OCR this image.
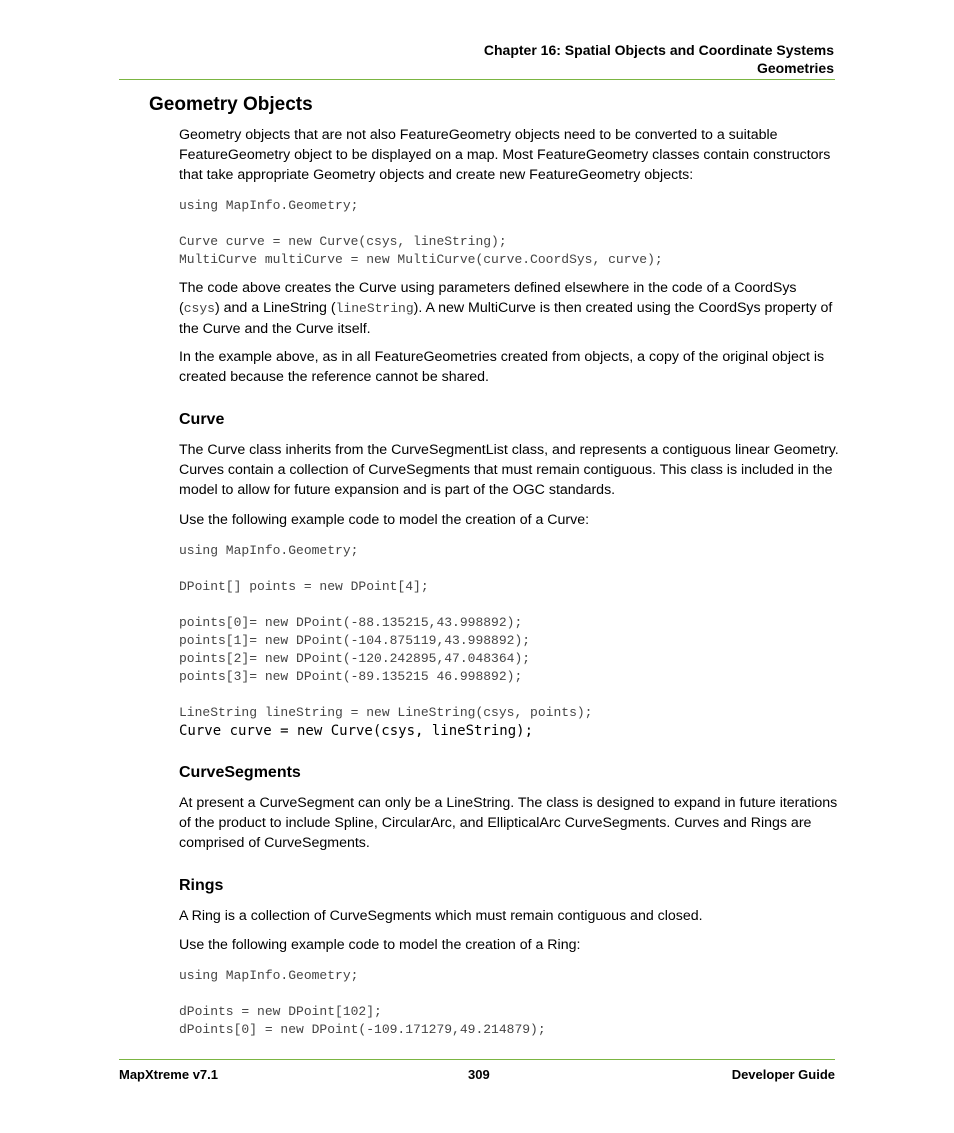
Chapter 16: Spatial Objects and Coordinate Systems
Geometries
Geometry Objects
Geometry objects that are not also FeatureGeometry objects need to be converted to a suitable FeatureGeometry object to be displayed on a map. Most FeatureGeometry classes contain constructors that take appropriate Geometry objects and create new FeatureGeometry objects:
using MapInfo.Geometry;
Curve curve = new Curve(csys, lineString);
MultiCurve multiCurve = new MultiCurve(curve.CoordSys, curve);
The code above creates the Curve using parameters defined elsewhere in the code of a CoordSys (csys) and a LineString (lineString). A new MultiCurve is then created using the CoordSys property of the Curve and the Curve itself.
In the example above, as in all FeatureGeometries created from objects, a copy of the original object is created because the reference cannot be shared.
Curve
The Curve class inherits from the CurveSegmentList class, and represents a contiguous linear Geometry. Curves contain a collection of CurveSegments that must remain contiguous. This class is included in the model to allow for future expansion and is part of the OGC standards.
Use the following example code to model the creation of a Curve:
using MapInfo.Geometry;
DPoint[] points = new DPoint[4];
points[0]= new DPoint(-88.135215,43.998892);
points[1]= new DPoint(-104.875119,43.998892);
points[2]= new DPoint(-120.242895,47.048364);
points[3]= new DPoint(-89.135215 46.998892);
LineString lineString = new LineString(csys, points);
Curve curve = new Curve(csys, lineString);
CurveSegments
At present a CurveSegment can only be a LineString. The class is designed to expand in future iterations of the product to include Spline, CircularArc, and EllipticalArc CurveSegments. Curves and Rings are comprised of CurveSegments.
Rings
A Ring is a collection of CurveSegments which must remain contiguous and closed.
Use the following example code to model the creation of a Ring:
using MapInfo.Geometry;
dPoints = new DPoint[102];
dPoints[0] = new DPoint(-109.171279,49.214879);
MapXtreme v7.1	309	Developer Guide
